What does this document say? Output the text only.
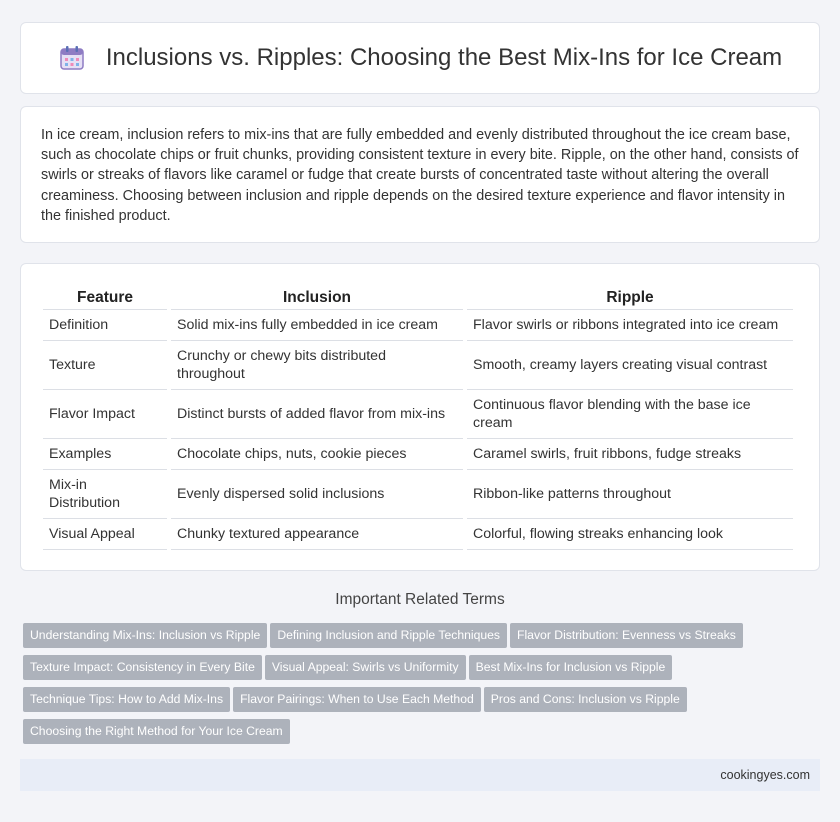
Inclusions vs. Ripples: Choosing the Best Mix-Ins for Ice Cream

In ice cream, inclusion refers to mix-ins that are fully embedded and evenly distributed throughout the ice cream base, such as chocolate chips or fruit chunks, providing consistent texture in every bite. Ripple, on the other hand, consists of swirls or streaks of flavors like caramel or fudge that create bursts of concentrated taste without altering the overall creaminess. Choosing between inclusion and ripple depends on the desired texture experience and flavor intensity in the finished product.

Feature	Inclusion	Ripple
Definition	Solid mix-ins fully embedded in ice cream	Flavor swirls or ribbons integrated into ice cream
Texture	Crunchy or chewy bits distributed throughout	Smooth, creamy layers creating visual contrast
Flavor Impact	Distinct bursts of added flavor from mix-ins	Continuous flavor blending with the base ice cream
Examples	Chocolate chips, nuts, cookie pieces	Caramel swirls, fruit ribbons, fudge streaks
Mix-in Distribution	Evenly dispersed solid inclusions	Ribbon-like patterns throughout
Visual Appeal	Chunky textured appearance	Colorful, flowing streaks enhancing look
Important Related Terms
Understanding Mix-Ins: Inclusion vs Ripple Defining Inclusion and Ripple Techniques Flavor Distribution: Evenness vs Streaks
Texture Impact: Consistency in Every Bite Visual Appeal: Swirls vs Uniformity Best Mix-Ins for Inclusion vs Ripple
Technique Tips: How to Add Mix-Ins Flavor Pairings: When to Use Each Method Pros and Cons: Inclusion vs Ripple
Choosing the Right Method for Your Ice Cream
cookingyes.com
